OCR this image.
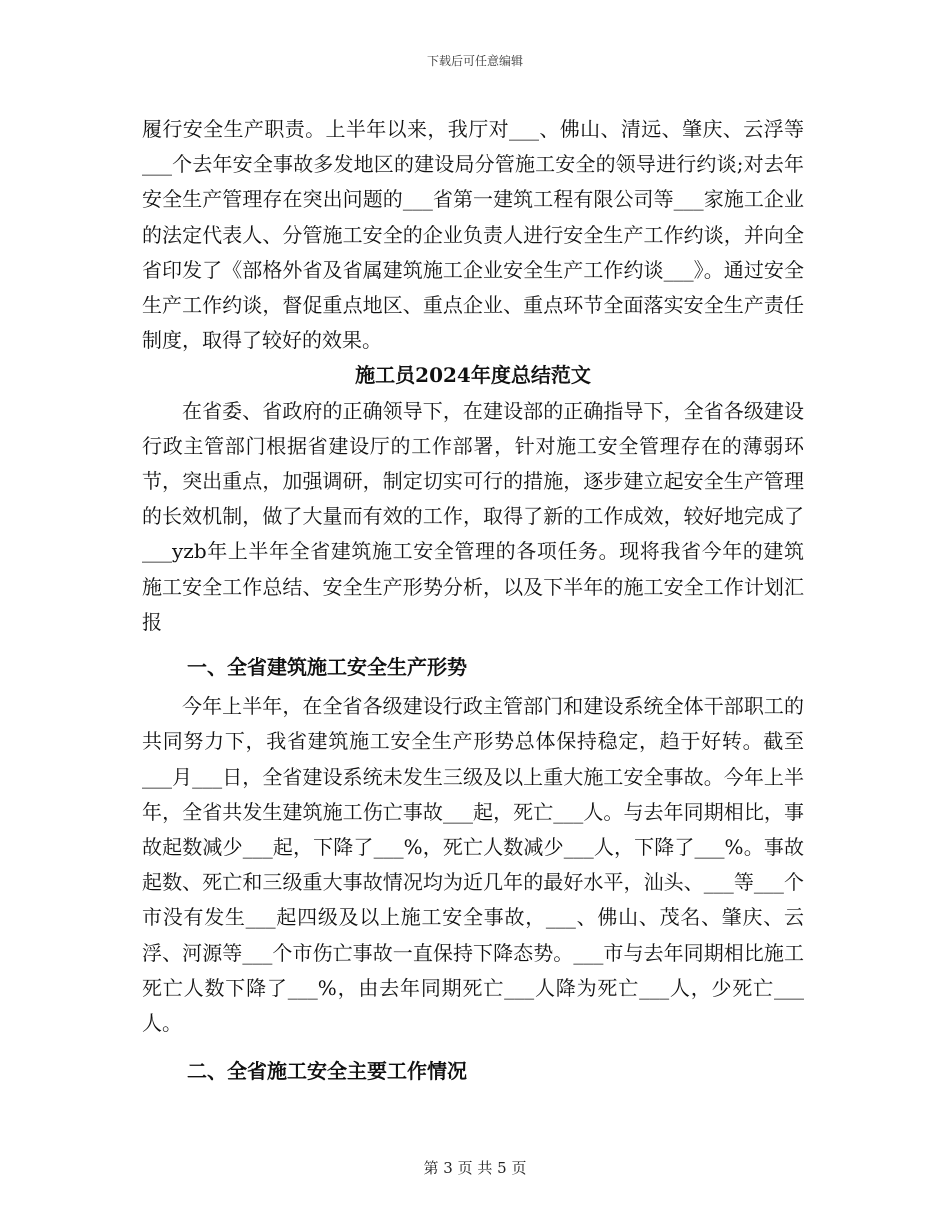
下载后可任意编辑

履行安全生产职责。上半年以来，我厅对___、佛山、清远、肇庆、云浮等___个去年安全事故多发地区的建设局分管施工安全的领导进行约谈;对去年安全生产管理存在突出问题的___省第一建筑工程有限公司等___家施工企业的法定代表人、分管施工安全的企业负责人进行安全生产工作约谈，并向全省印发了《部格外省及省属建筑施工企业安全生产工作约谈___》。通过安全生产工作约谈，督促重点地区、重点企业、重点环节全面落实安全生产责任制度，取得了较好的效果。

施工员2024年度总结范文

在省委、省政府的正确领导下，在建设部的正确指导下，全省各级建设行政主管部门根据省建设厅的工作部署，针对施工安全管理存在的薄弱环节，突出重点，加强调研，制定切实可行的措施，逐步建立起安全生产管理的长效机制，做了大量而有效的工作，取得了新的工作成效，较好地完成了___yzb年上半年全省建筑施工安全管理的各项任务。现将我省今年的建筑施工安全工作总结、安全生产形势分析，以及下半年的施工安全工作计划汇报

一、全省建筑施工安全生产形势

今年上半年，在全省各级建设行政主管部门和建设系统全体干部职工的共同努力下，我省建筑施工安全生产形势总体保持稳定，趋于好转。截至___月___日，全省建设系统未发生三级及以上重大施工安全事故。今年上半年，全省共发生建筑施工伤亡事故___起，死亡___人。与去年同期相比，事故起数减少___起，下降了___%，死亡人数减少___人，下降了___%。事故起数、死亡和三级重大事故情况均为近几年的最好水平，汕头、___等___个市没有发生___起四级及以上施工安全事故，___、佛山、茂名、肇庆、云浮、河源等___个市伤亡事故一直保持下降态势。___市与去年同期相比施工死亡人数下降了___%，由去年同期死亡___人降为死亡___人，少死亡___人。

二、全省施工安全主要工作情况

第 3 页 共 5 页
